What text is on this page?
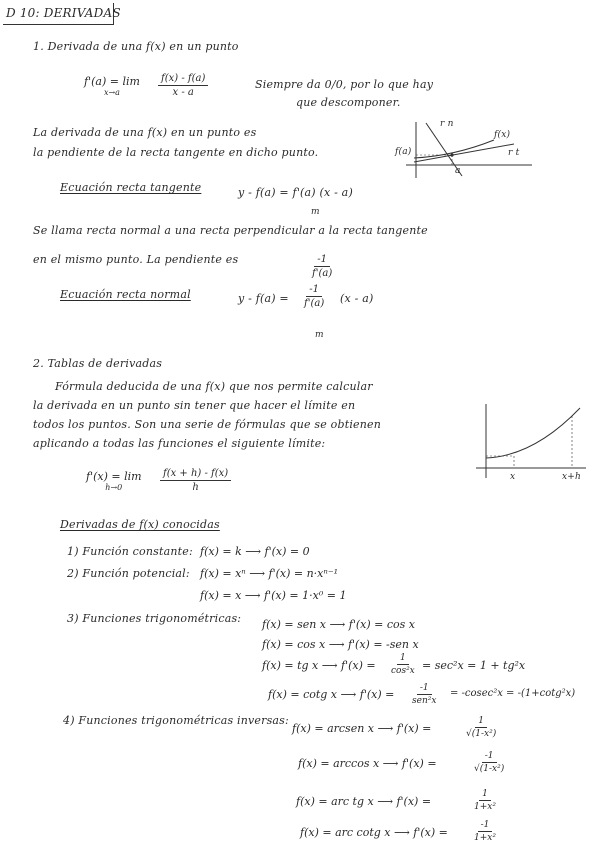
D 10: DERIVADAS
1. Derivada de una f(x) en un punto
f'(a) = lim
x→a	$\frac{f(x) - f(a)}{x - a}$	Siempre da 0/0, por lo que hay
que descomponer.
La derivada de una f(x) en un punto es
la pendiente de la recta tangente en dicho punto.
f(x)
r n
r t
f(a)
a
Ecuación recta tangente	y - f(a) = f'(a) (x - a)
m
Se llama recta normal a una recta perpendicular a la recta tangente
en el mismo punto. La pendiente es	$\frac{-1}{f'(a)}$
Ecuación recta normal	$y - f(a) = \frac{-1}{f'(a)} (x - a)$
m
2. Tablas de derivadas
Fórmula deducida de una f(x) que nos permite calcular
la derivada en un punto sin tener que hacer el límite en
todos los puntos. Son una serie de fórmulas que se obtienen
aplicando a todas las funciones el siguiente límite:
x	x+h
f'(x) = lim
h→0	$\frac{f(x + h) - f(x)}{h}$
Derivadas de f(x) conocidas
1) Función constante: f(x) = k ⟶ f'(x) = 0
2) Función potencial: f(x) = xⁿ ⟶ f'(x) = n·xⁿ⁻¹
f(x) = x ⟶ f'(x) = 1·x⁰ = 1
3) Funciones trigonométricas: f(x) = sen x ⟶ f'(x) = cos x
f(x) = cos x ⟶ f'(x) = -sen x
f(x) = tg x ⟶ $f'(x) = \frac{1}{\text{cos²x}} = \sec^2x = 1 + tg^2x$
f(x) = cotg x ⟶ f'(x) =	-1
sen²x
= -cosec²x = -(1+cotg²x)
4) Funciones trigonométricas inversas:
f(x) = arcsen x ⟶ f'(x) =	$\frac{1}{\text{√(1-x²)}}$
f(x) = arccos x ⟶ f'(x) =	$\frac{-1}{\text{√(1-x²)}}$
f(x) = arc tg x ⟶ f'(x) =	$\frac{1}{\text{1+x²}}$
f(x) = arc cotg x ⟶ f'(x) =	$\frac{-1}{\text{1+x²}}$
